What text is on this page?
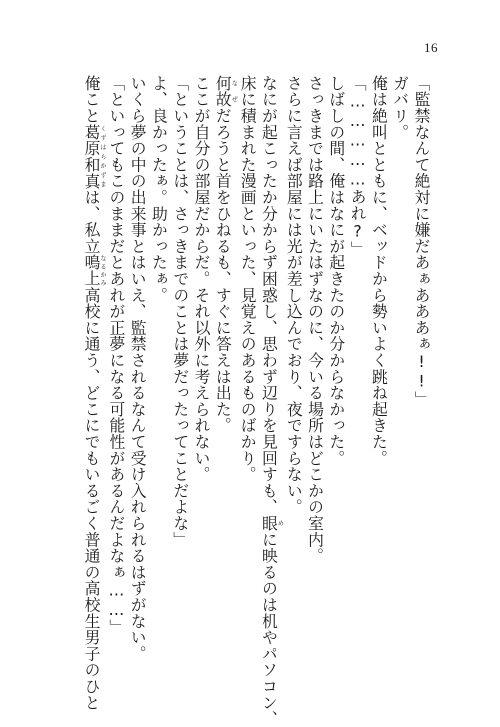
16
「監禁なんて絶対に嫌だあぁあああぁ!!」
ガバリ。
俺は絶叫とともに、ベッドから勢いよく跳ね起きた。
「……………あれ?」
しばしの間、俺はなにが起きたのか分からなかった。
さっきまでは路上にいたはずなのに、今いる場所はどこかの室内。
さらに言えば部屋には光が差し込んでおり、夜ですらない。
なにが起こったか分からず困惑し、思わず辺りを見回すも、眼めに映るのは机やパソコン、
床に積まれた漫画といった、見覚えのあるものばかり。
何故なぜだろうと首をひねるも、すぐに答えは出た。
ここが自分の部屋だからだ。それ以外に考えられない。
「ということは、さっきまでのことは夢だったってことだよな」
よ、良かったぁ。助かったぁ。
いくら夢の中の出来事とはいえ、監禁されるなんて受け入れられるはずがない。
「といってもこのままだとあれが正夢になる可能性があるんだよなぁ……」
俺こと葛原和真くずはらかずまは、私立鳴上なるかみ高校に通う、どこにでもいるごく普通の高校生男子のひと
